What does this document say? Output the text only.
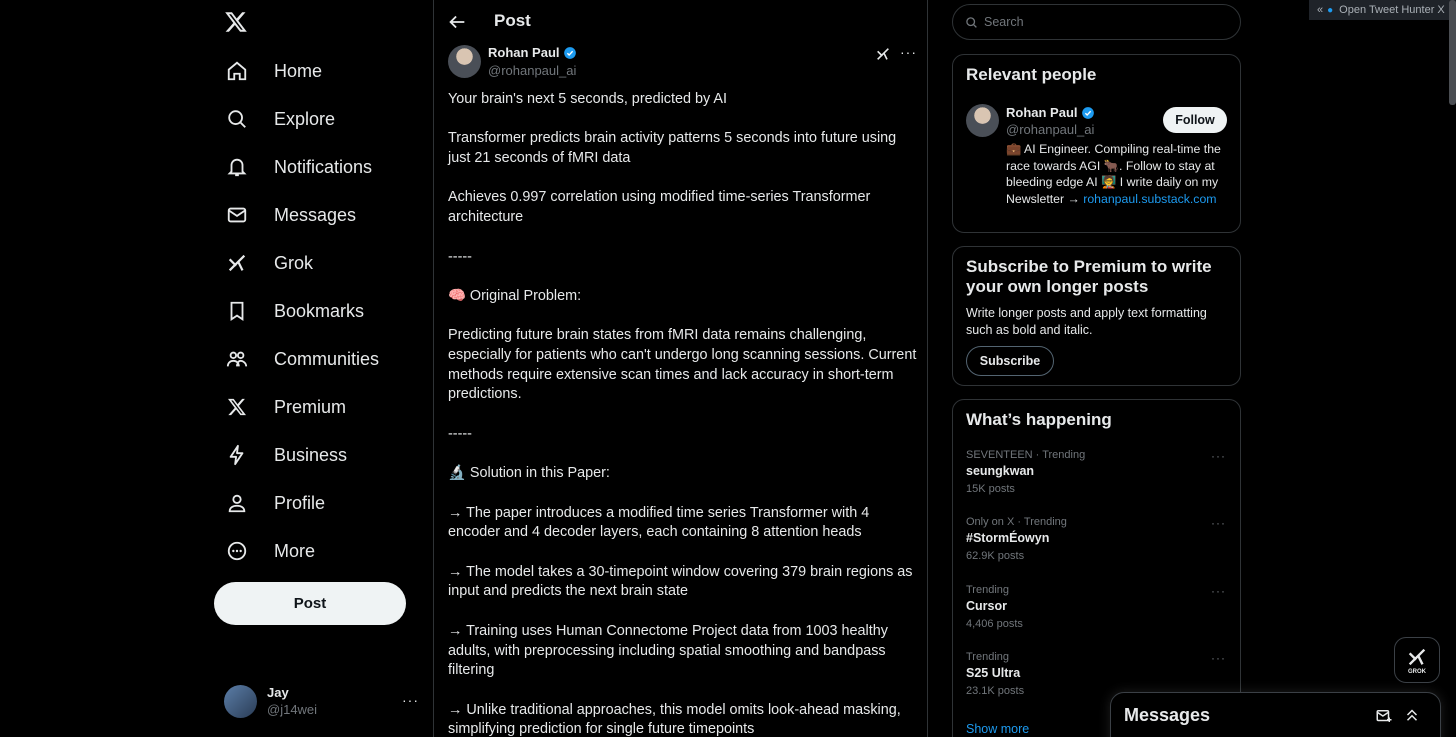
Home
Explore
Notifications
Messages
Grok
Bookmarks
Communities
Premium
Business
Profile
More
Post
Jay
@j14wei
···
Post
Rohan Paul
@rohanpaul_ai
···

Your brain's next 5 seconds, predicted by AI

Transformer predicts brain activity patterns 5 seconds into future using just 21 seconds of fMRI data

Achieves 0.997 correlation using modified time-series Transformer architecture

-----

🧠 Original Problem:

Predicting future brain states from fMRI data remains challenging, especially for patients who can't undergo long scanning sessions. Current methods require extensive scan times and lack accuracy in short-term predictions.

-----

🔬 Solution in this Paper:

→ The paper introduces a modified time series Transformer with 4 encoder and 4 decoder layers, each containing 8 attention heads

→ The model takes a 30-timepoint window covering 379 brain regions as input and predicts the next brain state

→ Training uses Human Connectome Project data from 1003 healthy adults, with preprocessing including spatial smoothing and bandpass filtering

→ Unlike traditional approaches, this model omits look-ahead masking, simplifying prediction for single future timepoints

Search
Relevant people
Rohan Paul
@rohanpaul_ai
Follow
💼 AI Engineer. Compiling real-time the race towards AGI 🐂. Follow to stay at bleeding edge AI 🧑‍🏫 I write daily on my Newsletter → rohanpaul.substack.com
Subscribe to Premium to write your own longer posts
Write longer posts and apply text formatting such as bold and italic.
Subscribe
What’s happening
SEVENTEEN · Trending
seungkwan
15K posts
···
Only on X · Trending
#StormÉowyn
62.9K posts
···
Trending
Cursor
4,406 posts
···
Trending
S25 Ultra
23.1K posts
···
Show more
« ● Open Tweet Hunter X
GROK
Messages
